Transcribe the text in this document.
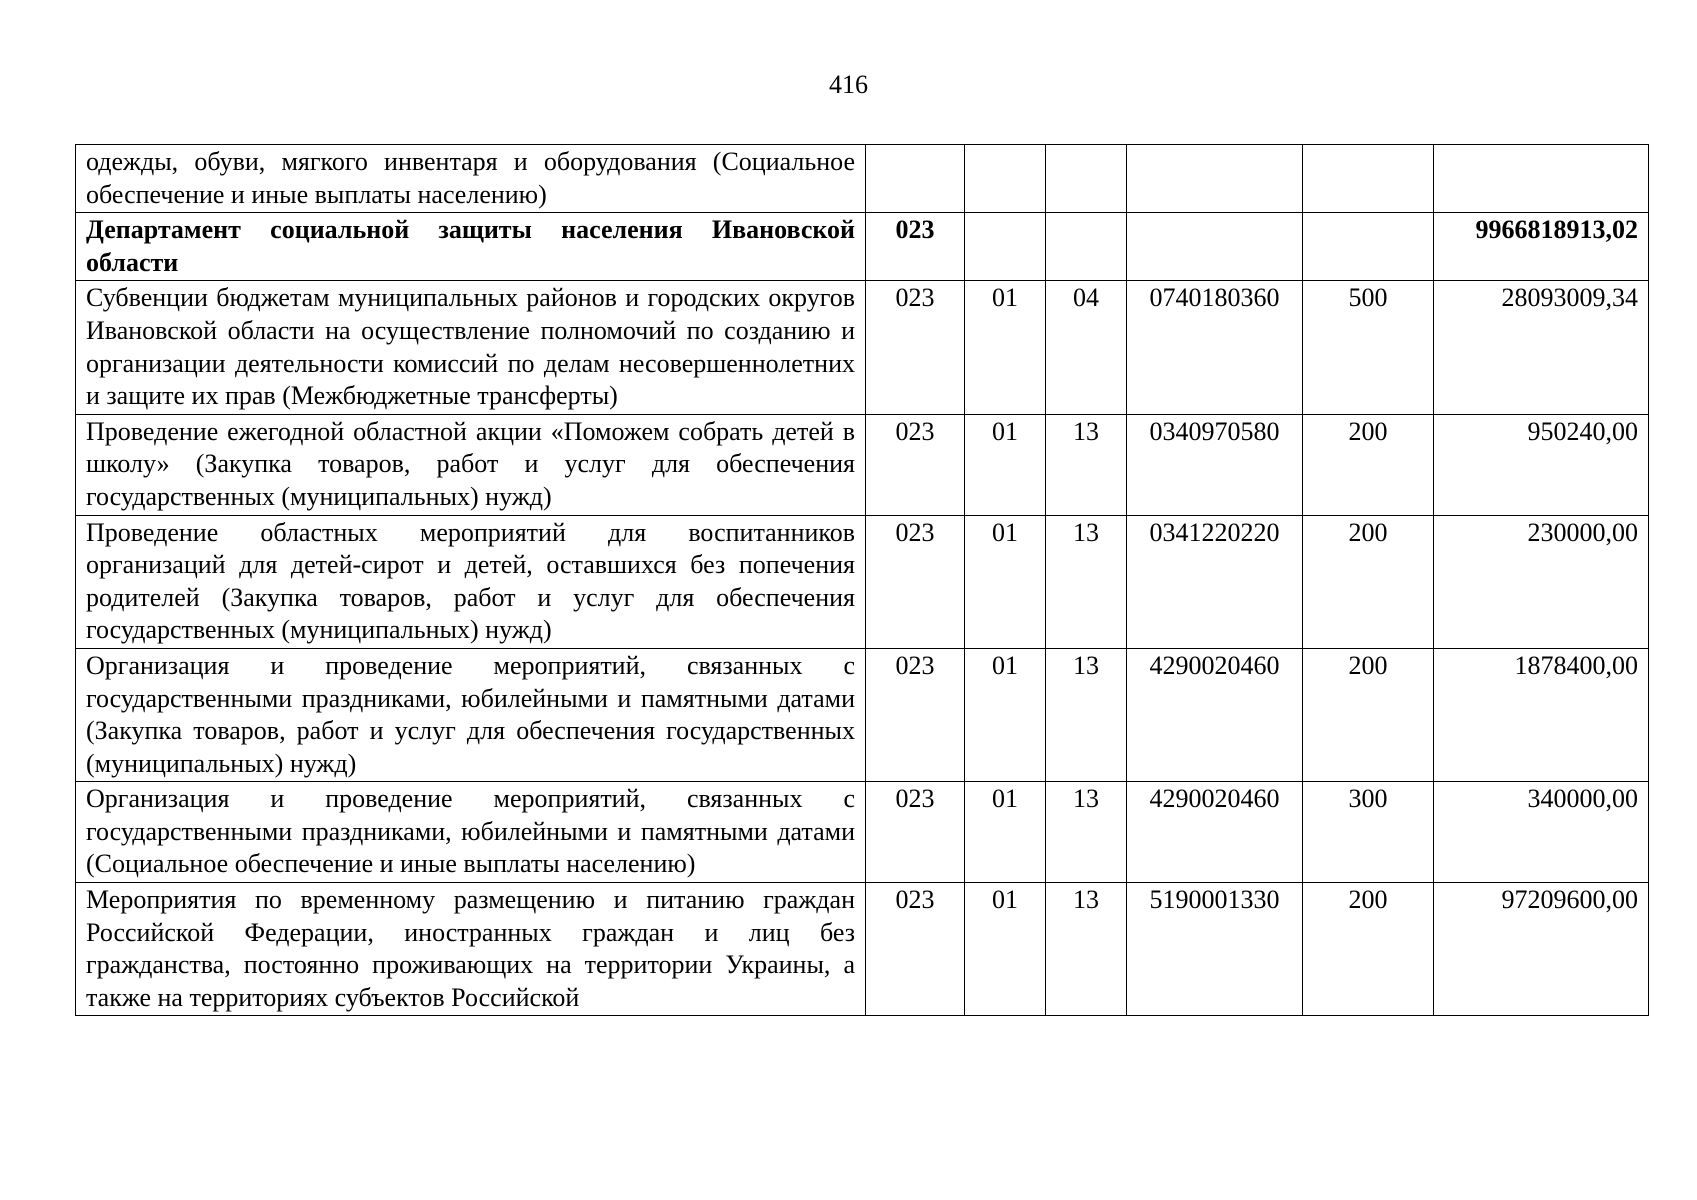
416
одежды, обуви, мягкого инвентаря и оборудования (Социальное обеспечение и иные выплаты населению)						
Департамент социальной защиты населения Ивановской области	023					9966818913,02
Субвенции бюджетам муниципальных районов и городских округов Ивановской области на осуществление полномочий по созданию и организации деятельности комиссий по делам несовершеннолетних и защите их прав (Межбюджетные трансферты)	023	01	04	0740180360	500	28093009,34
Проведение ежегодной областной акции «Поможем собрать детей в школу» (Закупка товаров, работ и услуг для обеспечения государственных (муниципальных) нужд)	023	01	13	0340970580	200	950240,00
Проведение областных мероприятий для воспитанников организаций для детей-сирот и детей, оставшихся без попечения родителей (Закупка товаров, работ и услуг для обеспечения государственных (муниципальных) нужд)	023	01	13	0341220220	200	230000,00
Организация и проведение мероприятий, связанных с государственными праздниками, юбилейными и памятными датами (Закупка товаров, работ и услуг для обеспечения государственных (муниципальных) нужд)	023	01	13	4290020460	200	1878400,00
Организация и проведение мероприятий, связанных с государственными праздниками, юбилейными и памятными датами (Социальное обеспечение и иные выплаты населению)	023	01	13	4290020460	300	340000,00
Мероприятия по временному размещению и питанию граждан Российской Федерации, иностранных граждан и лиц без гражданства, постоянно проживающих на территории Украины, а также на территориях субъектов Российской	023	01	13	5190001330	200	97209600,00
